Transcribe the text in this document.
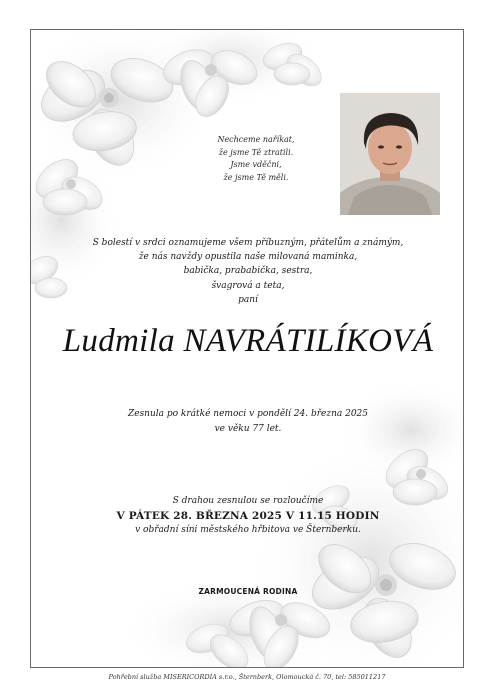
Nechceme naříkat,
že jsme Tě ztratili.
Jsme vděčni,
že jsme Tě měli.
S bolestí v srdci oznamujeme všem příbuzným, přátelům a známým,
že nás navždy opustila naše milovaná maminka,
babička, prababička, sestra,
švagrová a teta,
paní
Ludmila NAVRÁTILÍKOVÁ
Zesnula po krátké nemoci v pondělí 24. března 2025
ve věku 77 let.
S drahou zesnulou se rozloučíme
V PÁTEK 28. BŘEZNA 2025 V 11.15 HODIN
v obřadní síni městského hřbitova ve Šternberku.
ZARMOUCENÁ RODINA
Pohřební služba MISERICORDIA s.r.o., Šternberk, Olomoucká č. 70, tel: 585011217
